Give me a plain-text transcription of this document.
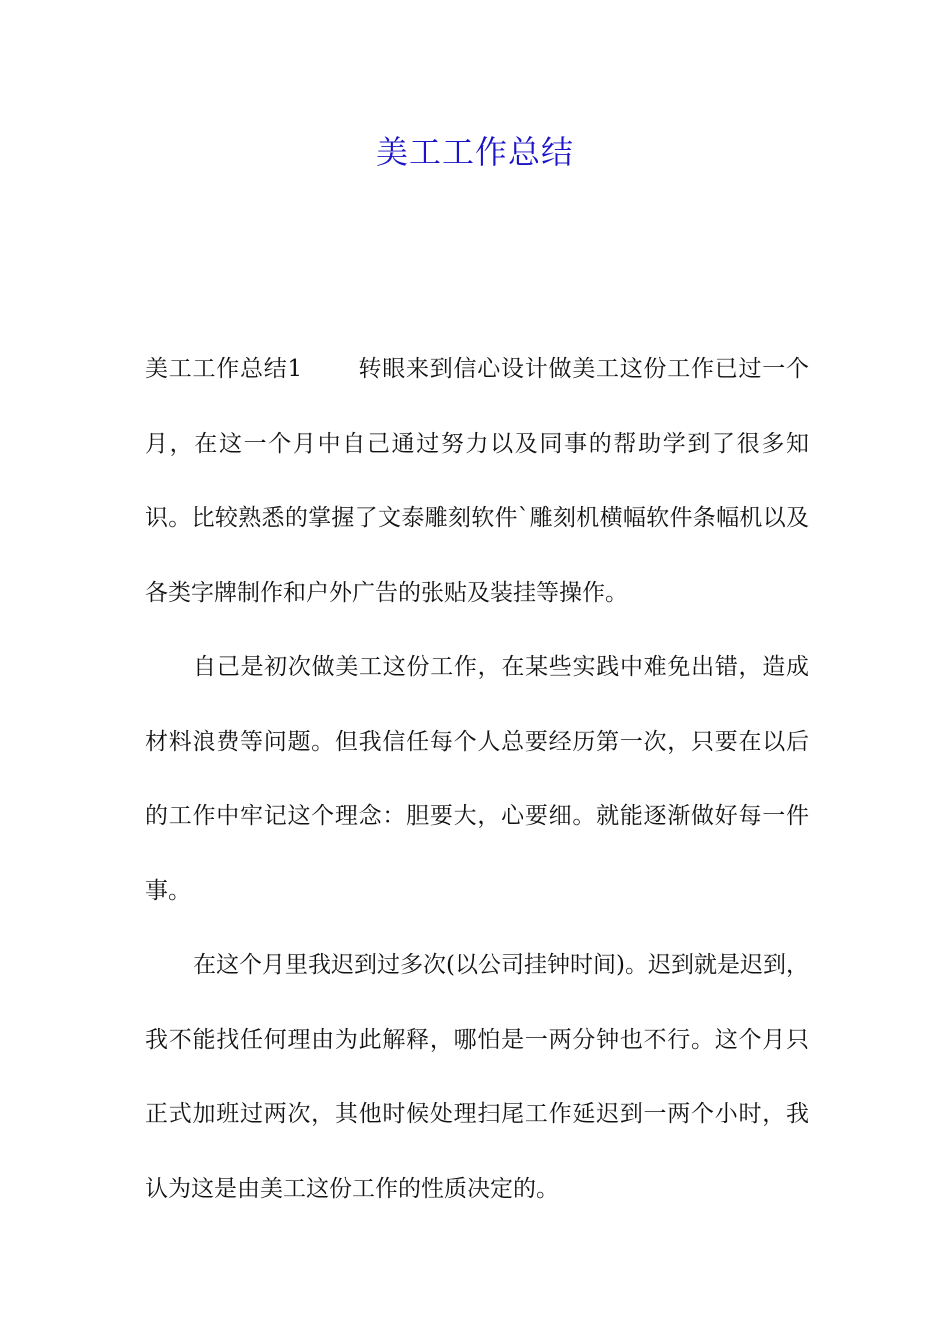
美工工作总结

美工工作总结1 转眼来到信心设计做美工这份工作已过一个月，在这一个月中自己通过努力以及同事的帮助学到了很多知识。比较熟悉的掌握了文泰雕刻软件`雕刻机横幅软件条幅机以及各类字牌制作和户外广告的张贴及装挂等操作。

自己是初次做美工这份工作，在某些实践中难免出错，造成材料浪费等问题。但我信任每个人总要经历第一次，只要在以后的工作中牢记这个理念：胆要大，心要细。就能逐渐做好每一件事。

在这个月里我迟到过多次(以公司挂钟时间)。迟到就是迟到，我不能找任何理由为此解释，哪怕是一两分钟也不行。这个月只正式加班过两次，其他时候处理扫尾工作延迟到一两个小时，我认为这是由美工这份工作的性质决定的。
